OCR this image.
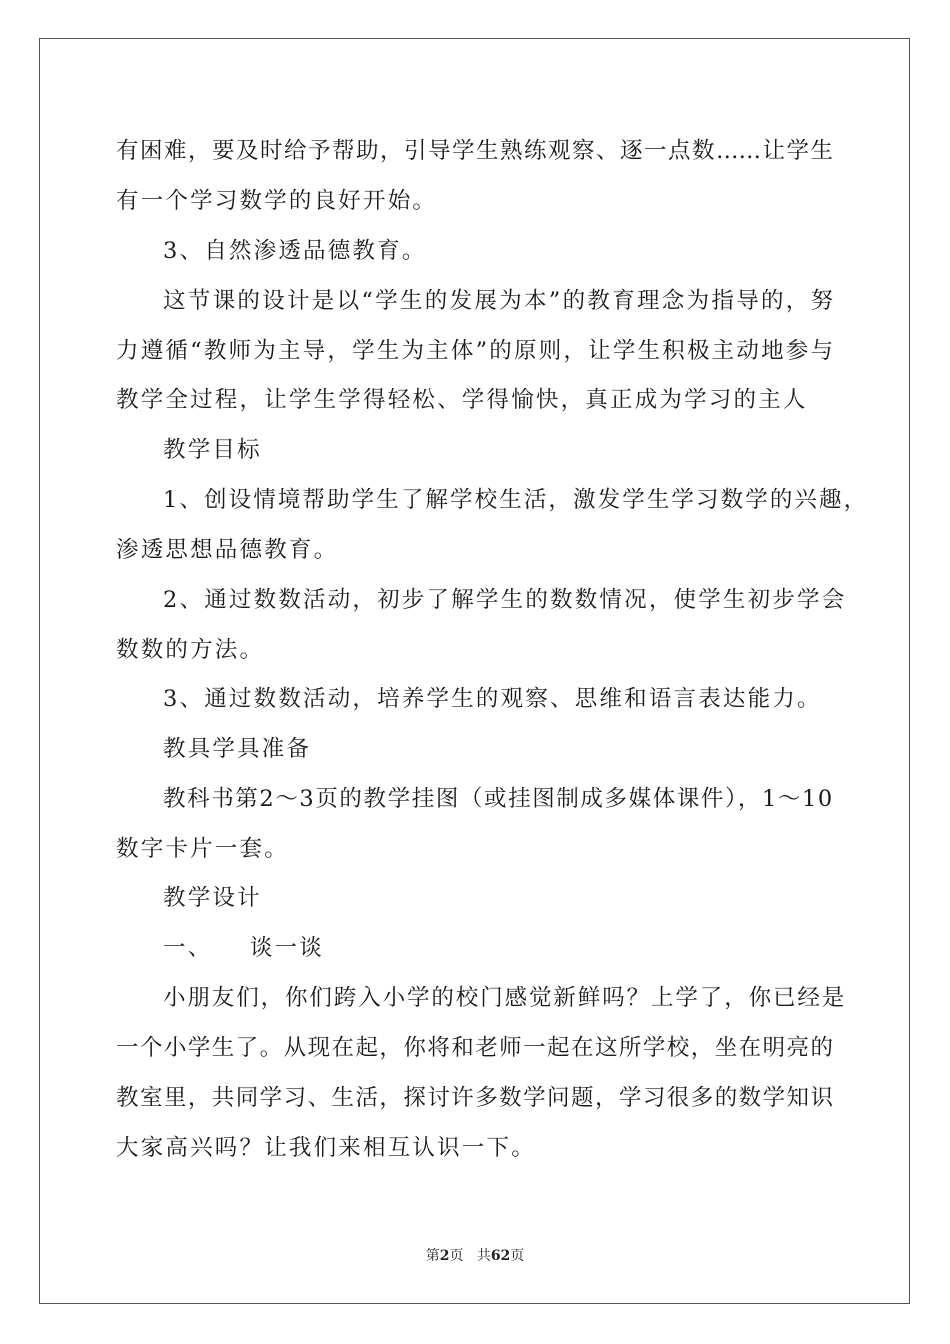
有困难，要及时给予帮助，引导学生熟练观察、逐一点数……让学生
有一个学习数学的良好开始。
3、自然渗透品德教育。
这节课的设计是以“学生的发展为本”的教育理念为指导的，努
力遵循“教师为主导，学生为主体”的原则，让学生积极主动地参与
教学全过程，让学生学得轻松、学得愉快，真正成为学习的主人
教学目标
1、创设情境帮助学生了解学校生活，激发学生学习数学的兴趣，
渗透思想品德教育。
2、通过数数活动，初步了解学生的数数情况，使学生初步学会
数数的方法。
3、通过数数活动，培养学生的观察、思维和语言表达能力。
教具学具准备
教科书第2～3页的教学挂图（或挂图制成多媒体课件），1～10
数字卡片一套。
教学设计
一、    谈一谈
小朋友们，你们跨入小学的校门感觉新鲜吗？上学了，你已经是
一个小学生了。从现在起，你将和老师一起在这所学校，坐在明亮的
教室里，共同学习、生活，探讨许多数学问题，学习很多的数学知识
大家高兴吗？让我们来相互认识一下。
第2页 共62页
